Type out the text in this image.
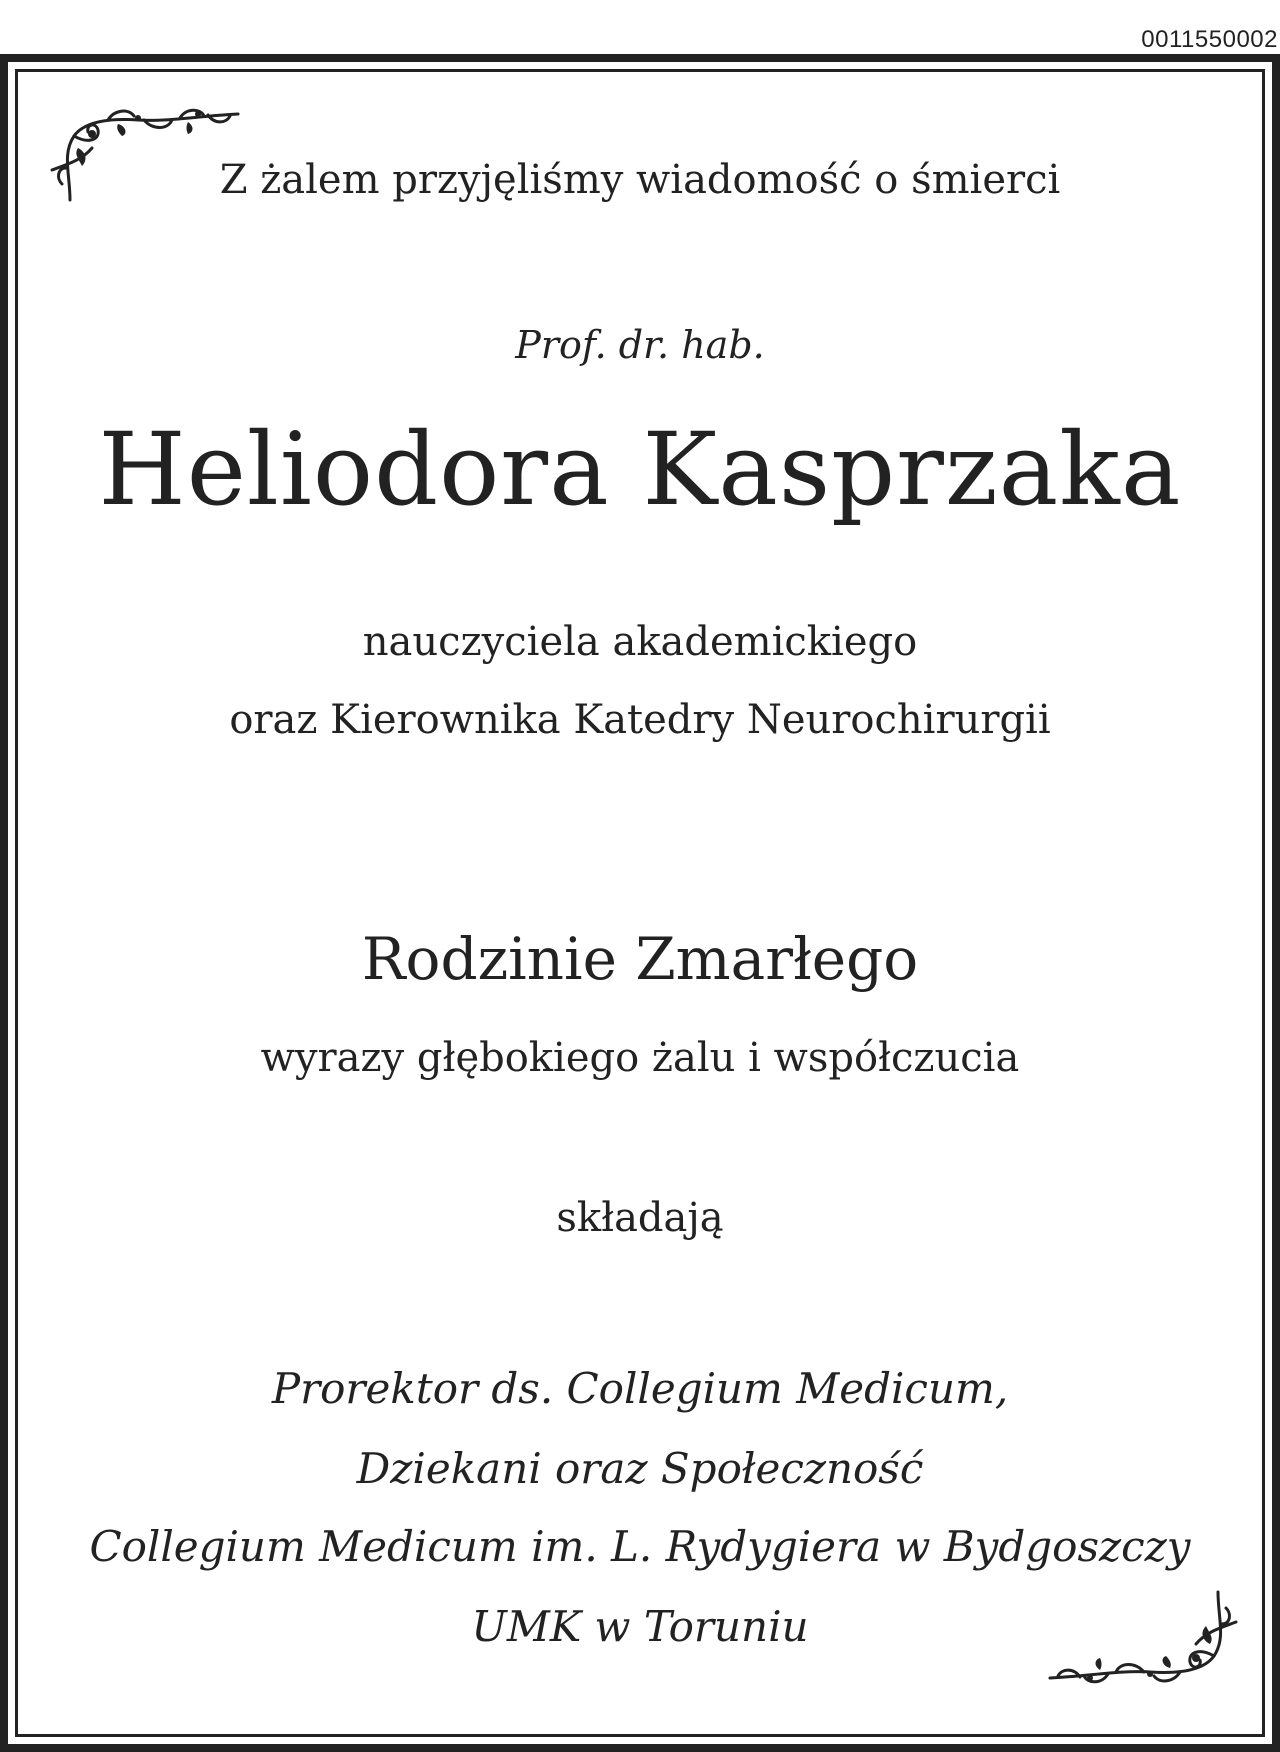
0011550002
Z żalem przyjęliśmy wiadomość o śmierci
Prof. dr. hab.
Heliodora Kasprzaka
nauczyciela akademickiego
oraz Kierownika Katedry Neurochirurgii
Rodzinie Zmarłego
wyrazy głębokiego żalu i współczucia
składają
Prorektor ds. Collegium Medicum,
Dziekani oraz Społeczność
Collegium Medicum im. L. Rydygiera w Bydgoszczy
UMK w Toruniu
